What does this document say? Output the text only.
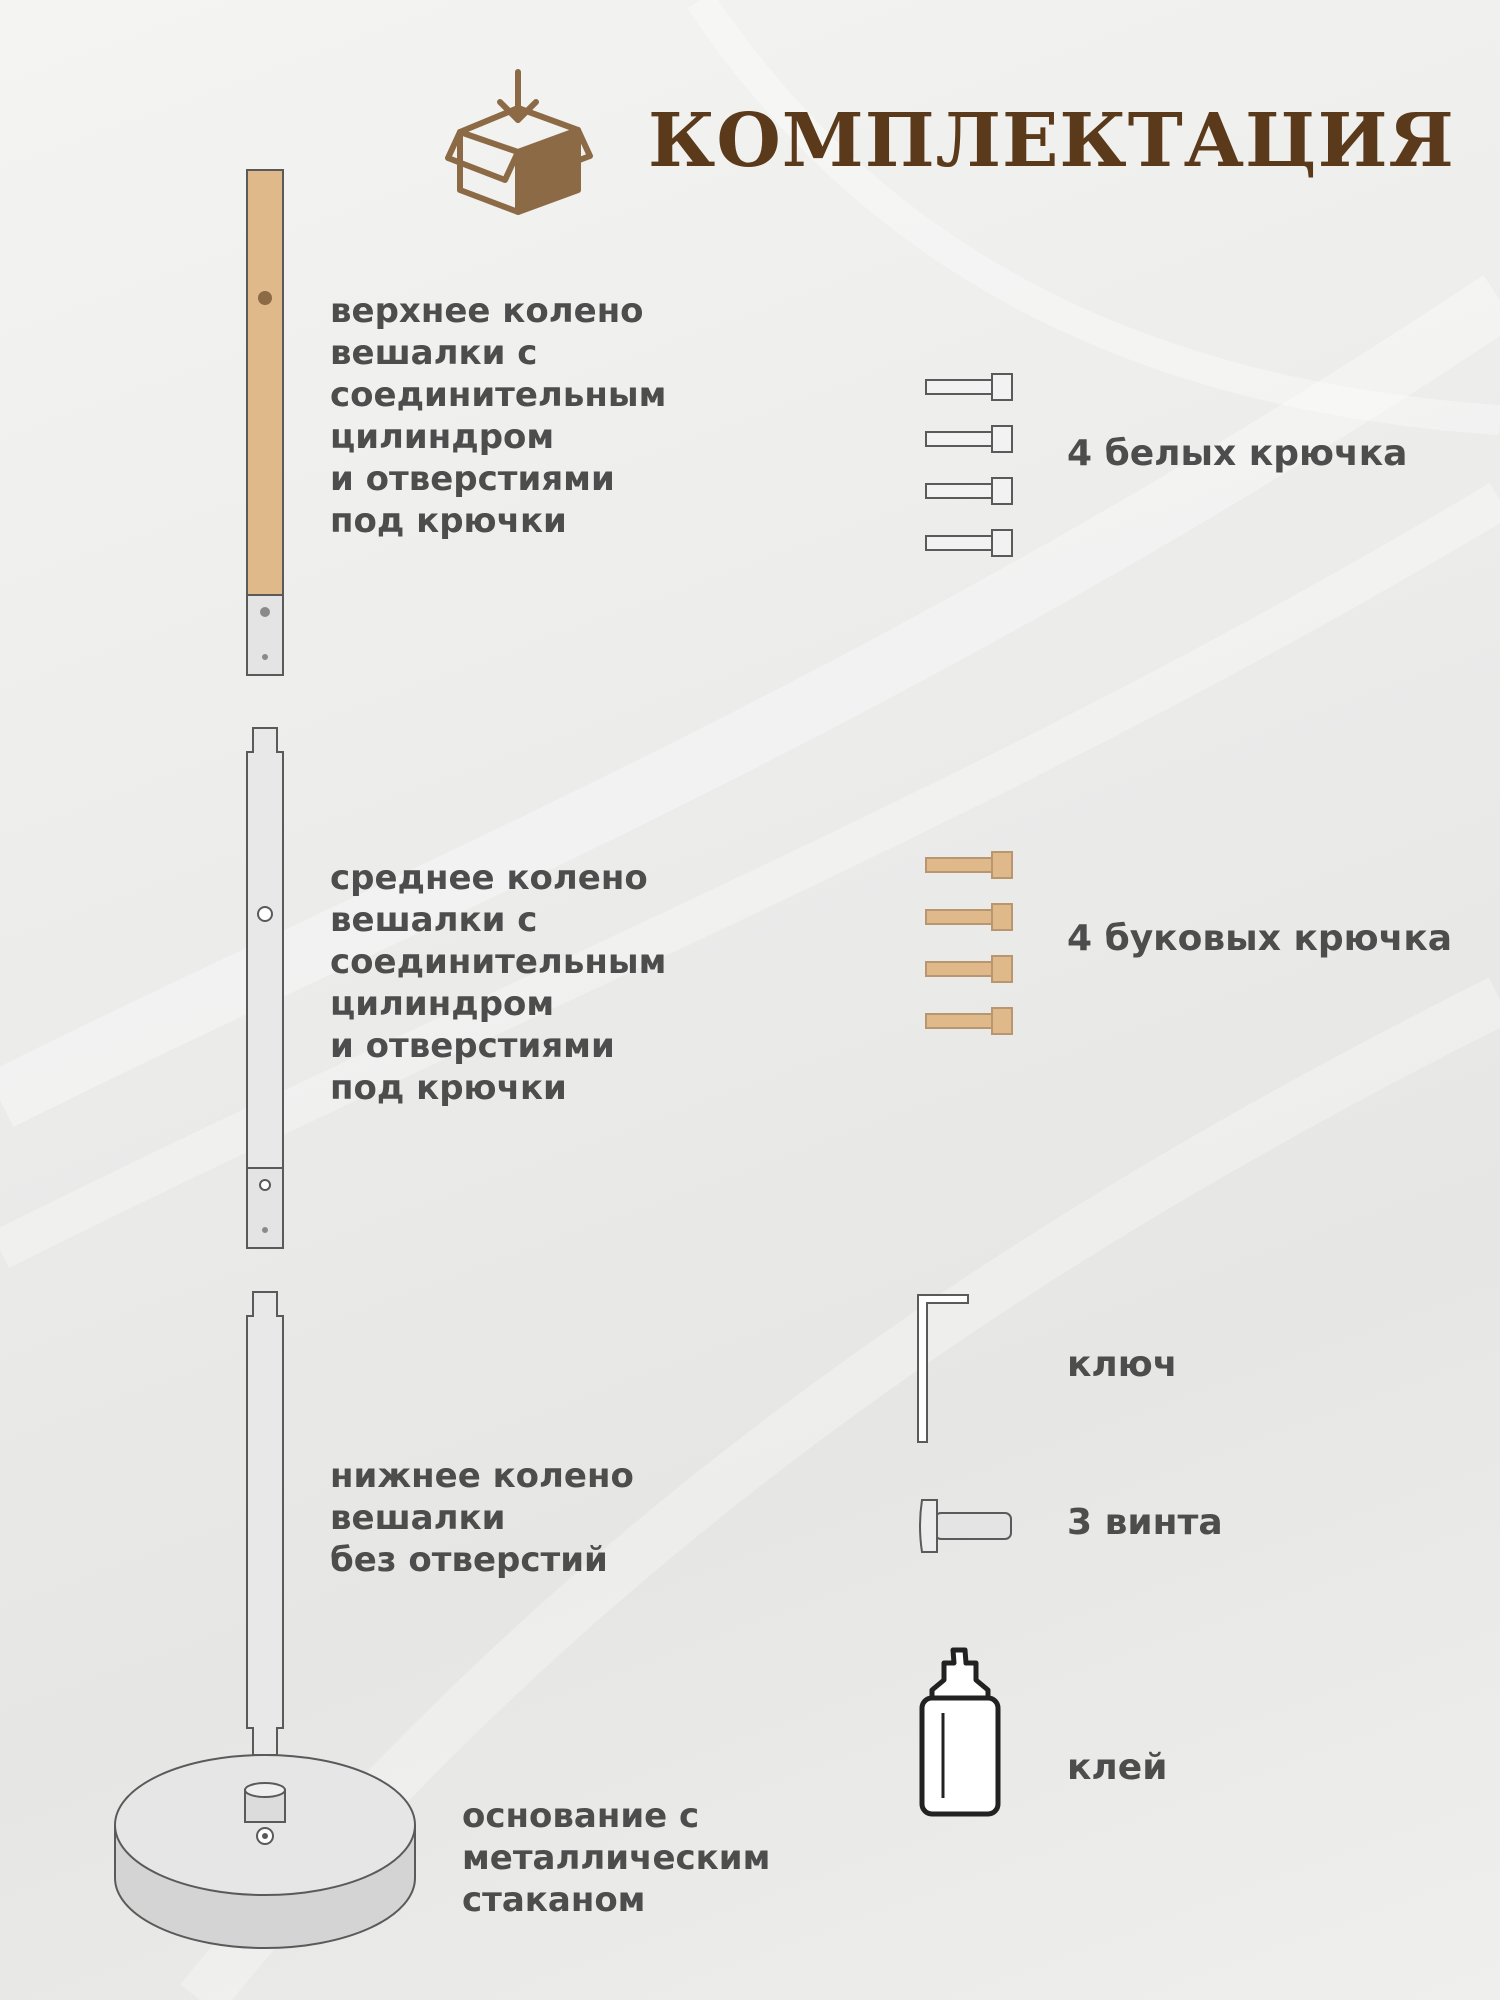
КОМПЛЕКТАЦИЯ
верхнее колено
вешалки с
соединительным
цилиндром
и отверстиями
под крючки
среднее колено
вешалки с
соединительным
цилиндром
и отверстиями
под крючки
нижнее колено
вешалки
без отверстий
основание с
металлическим
стаканом
4 белых крючка
4 буковых крючка
ключ
3 винта
клей
